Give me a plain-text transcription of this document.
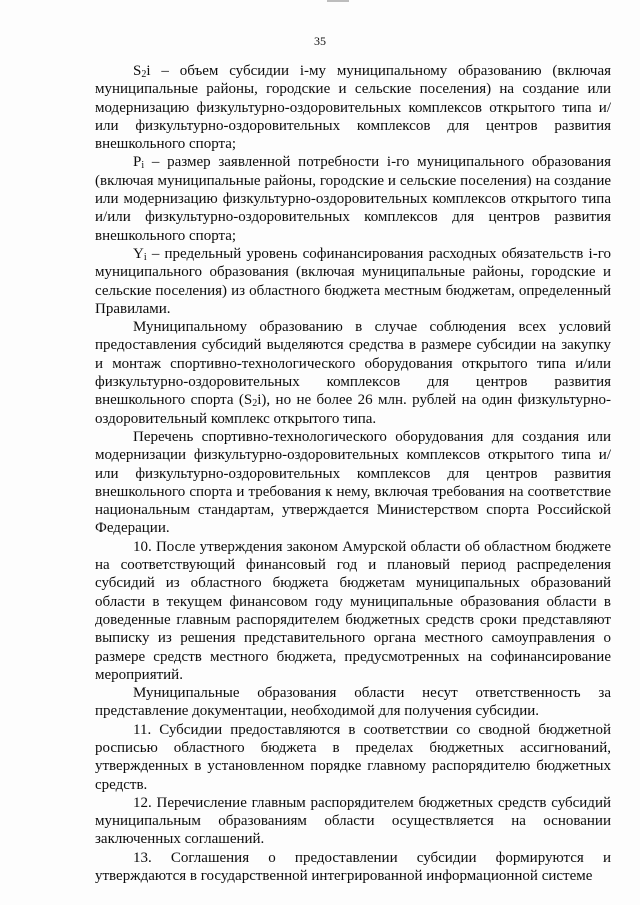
35

$S_2i$ – объем субсидии i-му муниципальному образованию (включая муниципальные районы, городские и сельские поселения) на создание или модернизацию физкультурно-оздоровительных комплексов открытого типа и/или физкультурно-оздоровительных комплексов для центров развития внешкольного спорта;

$P_i$ – размер заявленной потребности i-го муниципального образования (включая муниципальные районы, городские и сельские поселения) на создание или модернизацию физкультурно-оздоровительных комплексов открытого типа и/или физкультурно-оздоровительных комплексов для центров развития внешкольного спорта;

$Y_i$ – предельный уровень софинансирования расходных обязательств i-го муниципального образования (включая муниципальные районы, городские и сельские поселения) из областного бюджета местным бюджетам, определенный Правилами.

Муниципальному образованию в случае соблюдения всех условий предоставления субсидий выделяются средства в размере субсидии на закупку и монтаж спортивно-технологического оборудования открытого типа и/или физкультурно-оздоровительных комплексов для центров развития внешкольного спорта $(S_2i)$, но не более 26 млн. рублей на один физкультурно-оздоровительный комплекс открытого типа.

Перечень спортивно-технологического оборудования для создания или модернизации физкультурно-оздоровительных комплексов открытого типа и/или физкультурно-оздоровительных комплексов для центров развития внешкольного спорта и требования к нему, включая требования на соответствие национальным стандартам, утверждается Министерством спорта Российской Федерации.

10. После утверждения законом Амурской области об областном бюджете на соответствующий финансовый год и плановый период распределения субсидий из областного бюджета бюджетам муниципальных образований области в текущем финансовом году муниципальные образования области в доведенные главным распорядителем бюджетных средств сроки представляют выписку из решения представительного органа местного самоуправления о размере средств местного бюджета, предусмотренных на софинансирование мероприятий.

Муниципальные образования области несут ответственность за представление документации, необходимой для получения субсидии.

11. Субсидии предоставляются в соответствии со сводной бюджетной росписью областного бюджета в пределах бюджетных ассигнований, утвержденных в установленном порядке главному распорядителю бюджетных средств.

12. Перечисление главным распорядителем бюджетных средств субсидий муниципальным образованиям области осуществляется на основании заключенных соглашений.

13. Соглашения о предоставлении субсидии формируются и утверждаются в государственной интегрированной информационной системе
